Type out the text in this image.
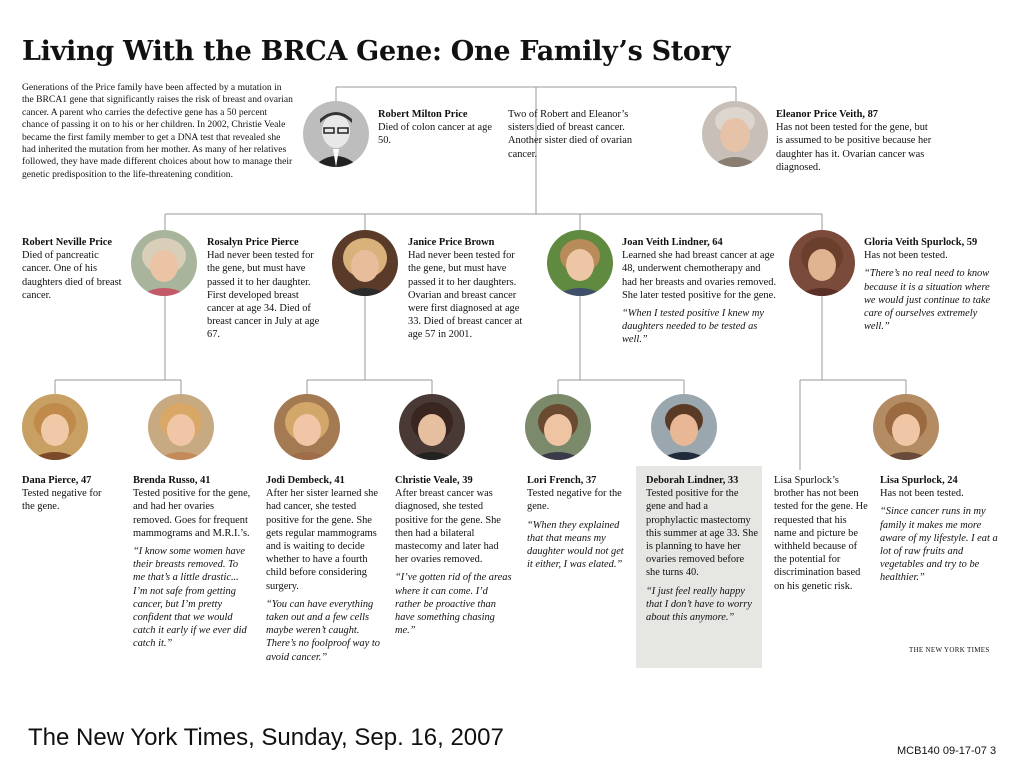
Living With the BRCA Gene: One Family’s Story
Generations of the Price family have been affected by a mutation in the BRCA1 gene that significantly raises the risk of breast and ovarian cancer. A parent who carries the defective gene has a 50 percent chance of passing it on to his or her children. In 2002, Christie Veale became the first family member to get a DNA test that revealed she had inherited the mutation from her mother. As many of her relatives followed, they have made different choices about how to manage their genetic predisposition to the life-threatening condition.
Robert Milton Price
Died of colon cancer at age 50.
Two of Robert and Eleanor’s sisters died of breast cancer. Another sister died of ovarian cancer.
Eleanor Price Veith, 87
Has not been tested for the gene, but is assumed to be positive because her daughter has it. Ovarian cancer was diagnosed.
Robert Neville Price
Died of pancreatic cancer. One of his daughters died of breast cancer.
Rosalyn Price Pierce
Had never been tested for the gene, but must have passed it to her daughter. First developed breast cancer at age 34. Died of breast cancer in July at age 67.
Janice Price Brown
Had never been tested for the gene, but must have passed it to her daughters. Ovarian and breast cancer were first diagnosed at age 33. Died of breast cancer at age 57 in 2001.
Joan Veith Lindner, 64
Learned she had breast cancer at age 48, underwent chemotherapy and had her breasts and ovaries removed. She later tested positive for the gene.
“When I tested positive I knew my daughters needed to be tested as well.”
Gloria Veith Spurlock, 59
Has not been tested.
“There’s no real need to know because it is a situation where we would just continue to take care of ourselves extremely well.”
Dana Pierce, 47
Tested negative for the gene.
Brenda Russo, 41
Tested positive for the gene, and had her ovaries removed. Goes for frequent mammograms and M.R.I.’s.
“I know some women have their breasts removed. To me that’s a little drastic... I’m not safe from getting cancer, but I’m pretty confident that we would catch it early if we ever did catch it.”
Jodi Dembeck, 41
After her sister learned she had cancer, she tested positive for the gene. She gets regular mammograms and is waiting to decide whether to have a fourth child before considering surgery.
“You can have everything taken out and a few cells maybe weren’t caught. There’s no foolproof way to avoid cancer.”
Christie Veale, 39
After breast cancer was diagnosed, she tested positive for the gene. She then had a bilateral mastecomy and later had her ovaries removed.
“I’ve gotten rid of the areas where it can come. I’d rather be proactive than have something chasing me.”
Lori French, 37
Tested negative for the gene.
“When they explained that that means my daughter would not get it either, I was elated.”
Deborah Lindner, 33
Tested positive for the gene and had a prophylactic mastectomy this summer at age 33. She is planning to have her ovaries removed before she turns 40.
“I just feel really happy that I don’t have to worry about this anymore.”
Lisa Spurlock’s brother has not been tested for the gene. He requested that his name and picture be withheld because of the potential for discrimination based on his genetic risk.
Lisa Spurlock, 24
Has not been tested.
“Since cancer runs in my family it makes me more aware of my lifestyle. I eat a lot of raw fruits and vegetables and try to be healthier.”
THE NEW YORK TIMES
The New York Times, Sunday, Sep. 16, 2007	MCB140 09-17-07 3
